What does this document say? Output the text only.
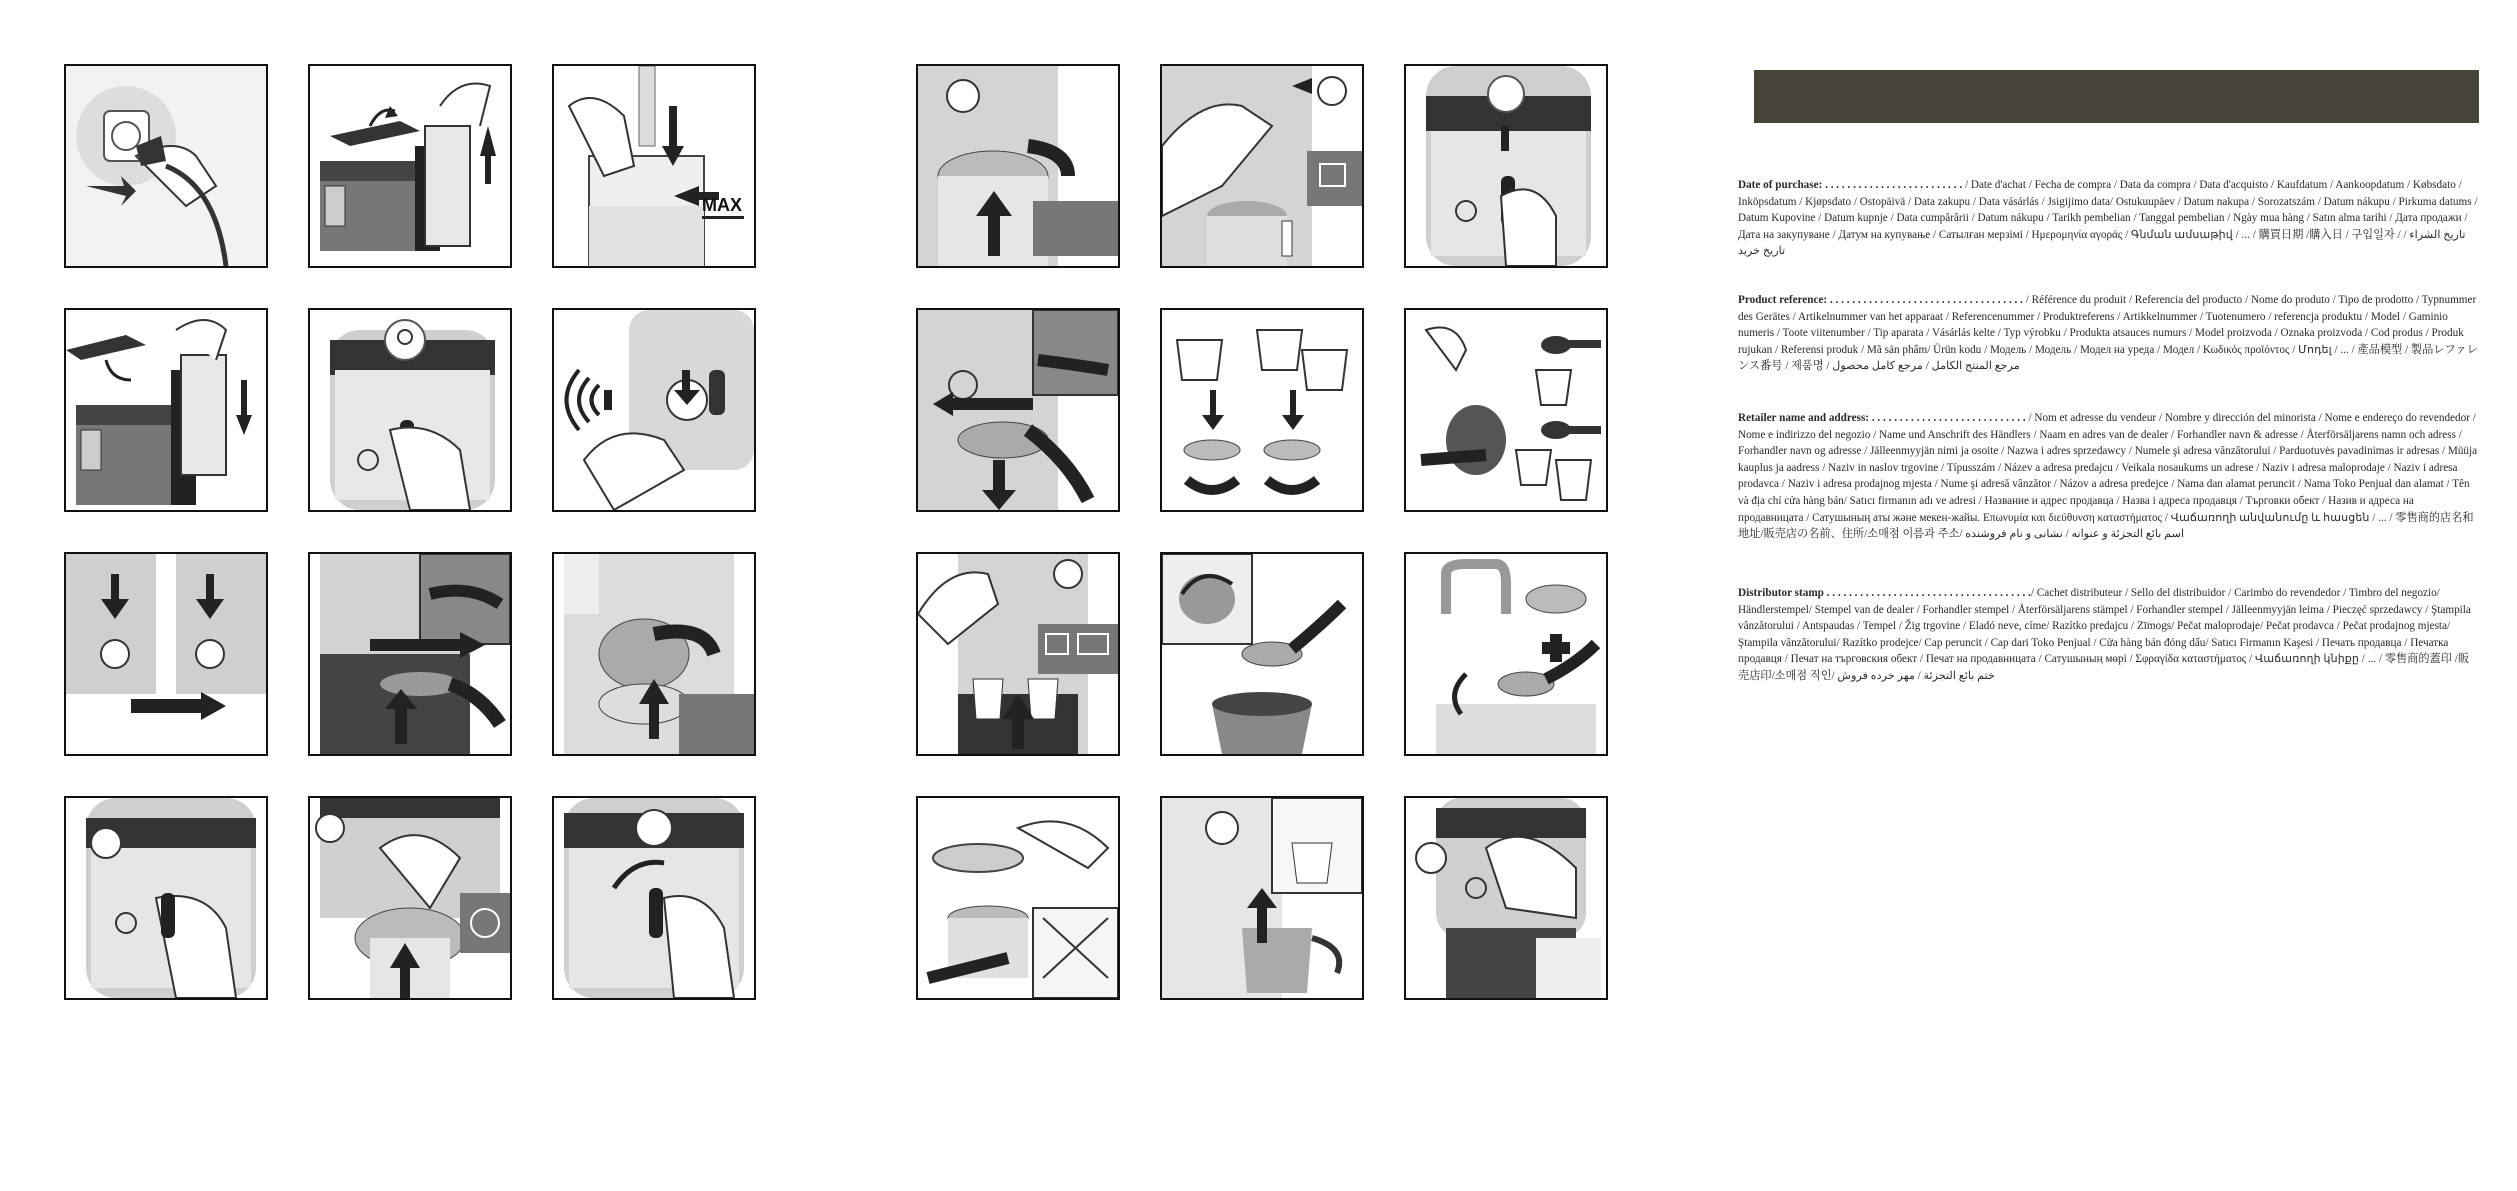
MAX
Date of purchase: . . . . . . . . . . . . . . . . . . . . . . . . . / Date d'achat / Fecha de compra / Data da compra / Data d'acquisto / Kaufdatum / Aankoopdatum / Købsdato / Inköpsdatum / Kjøpsdato / Ostopäivä / Data zakupu / Data vásárlás / Jsigijimo data/ Ostukuupäev / Datum nakupa / Sorozatszám / Datum nákupu / Pirkuma datums / Datum Kupovine / Datum kupnje / Data cumpărării / Datum nákupu / Tarikh pembelian / Tanggal pembelian / Ngày mua hàng / Satın alma tarihi / Дата продажи / Дата на закупуване / Датум на купување / Сатылған мерзімі / Ημερομηνία αγοράς / Գնման ամսաթիվ / ... / 購買日期 /購入日 / 구입일자 / تاريخ الشراء / تاریخ خرید
Product reference: . . . . . . . . . . . . . . . . . . . . . . . . . . . . . . . . . . . / Référence du produit / Referencia del producto / Nome do produto / Tipo de prodotto / Typnummer des Gerätes / Artikelnummer van het apparaat / Referencenummer / Produktreferens / Artikkelnummer / Tuotenumero / referencja produktu / Model / Gaminio numeris / Toote viitenumber / Tip aparata / Vásárlás kelte / Typ výrobku / Produkta atsauces numurs / Model proizvoda / Oznaka proizvoda / Cod produs / Produk rujukan / Referensi produk / Mã sản phẩm/ Ürün kodu / Модель / Модель / Модел на уреда / Модел / Κωδικός προϊόντος / Մոդել / ... / 產品模型 / 製品レファレンス番号 / 제품명 / مرجع المنتج الكامل / مرجع کامل محصول
Retailer name and address: . . . . . . . . . . . . . . . . . . . . . . . . . . . . / Nom et adresse du vendeur / Nombre y dirección del minorista / Nome e endereço do revendedor / Nome e indirizzo del negozio / Name und Anschrift des Händlers / Naam en adres van de dealer / Forhandler navn & adresse / Återförsäljarens namn och adress / Forhandler navn og adresse / Jälleenmyyjän nimi ja osoite / Nazwa i adres sprzedawcy / Numele şi adresa vânzătorului / Parduotuvės pavadinimas ir adresas / Müüja kauplus ja aadress / Naziv in naslov trgovine / Típusszám / Název a adresa predajcu / Veikala nosaukums un adrese / Naziv i adresa maloprodaje / Naziv i adresa prodavca / Naziv i adresa prodajnog mjesta / Nume şi adresă vânzător / Názov a adresa predejce / Nama dan alamat peruncit / Nama Toko Penjual dan alamat / Tên và địa chỉ cửa hàng bán/ Satıcı firmanın adı ve adresi / Название и адрес продавца / Назва і адреса продавця / Търговки обект / Назив и адреса на продавницата / Сатушының аты және мекен-жайы. Επωνυμία και διεύθυνση καταστήματος / Վաճառողի անվանումը և հասցեն / ... / 零售商的店名和地址/販売店の名前、住所/소매점 이름과 주소/ اسم بائع التجزئة و عنوانه / نشانی و نام فروشنده
Distributor stamp . . . . . . . . . . . . . . . . . . . . . . . . . . . . . . . . . . . . ./ Cachet distributeur / Sello del distribuidor / Carimbo do revendedor / Timbro del negozio/ Händlerstempel/ Stempel van de dealer / Forhandler stempel / Återförsäljarens stämpel / Forhandler stempel / Jälleenmyyjän leima / Pieczęć sprzedawcy / Ştampila vânzătorului / Antspaudas / Tempel / Žig trgovine / Eladó neve, címe/ Razítko predajcu / Zīmogs/ Pečat maloprodaje/ Pečat prodavca / Pečat prodajnog mjesta/ Ştampila vânzătorului/ Razítko prodejce/ Cap peruncit / Cap dari Toko Penjual / Cửa hàng bán đóng dấu/ Satıcı Firmanın Kaşesi / Печать продавца / Печатка продавця / Печат на търговския обект / Печат на продавницата / Сатушының мөрі / Σφραγίδα καταστήματος / Վաճառողի կնիքը / ... / 零售商的蓋印 /販売店印/소매점 직인/ ختم بائع التجزئة / مهر خرده فروش
